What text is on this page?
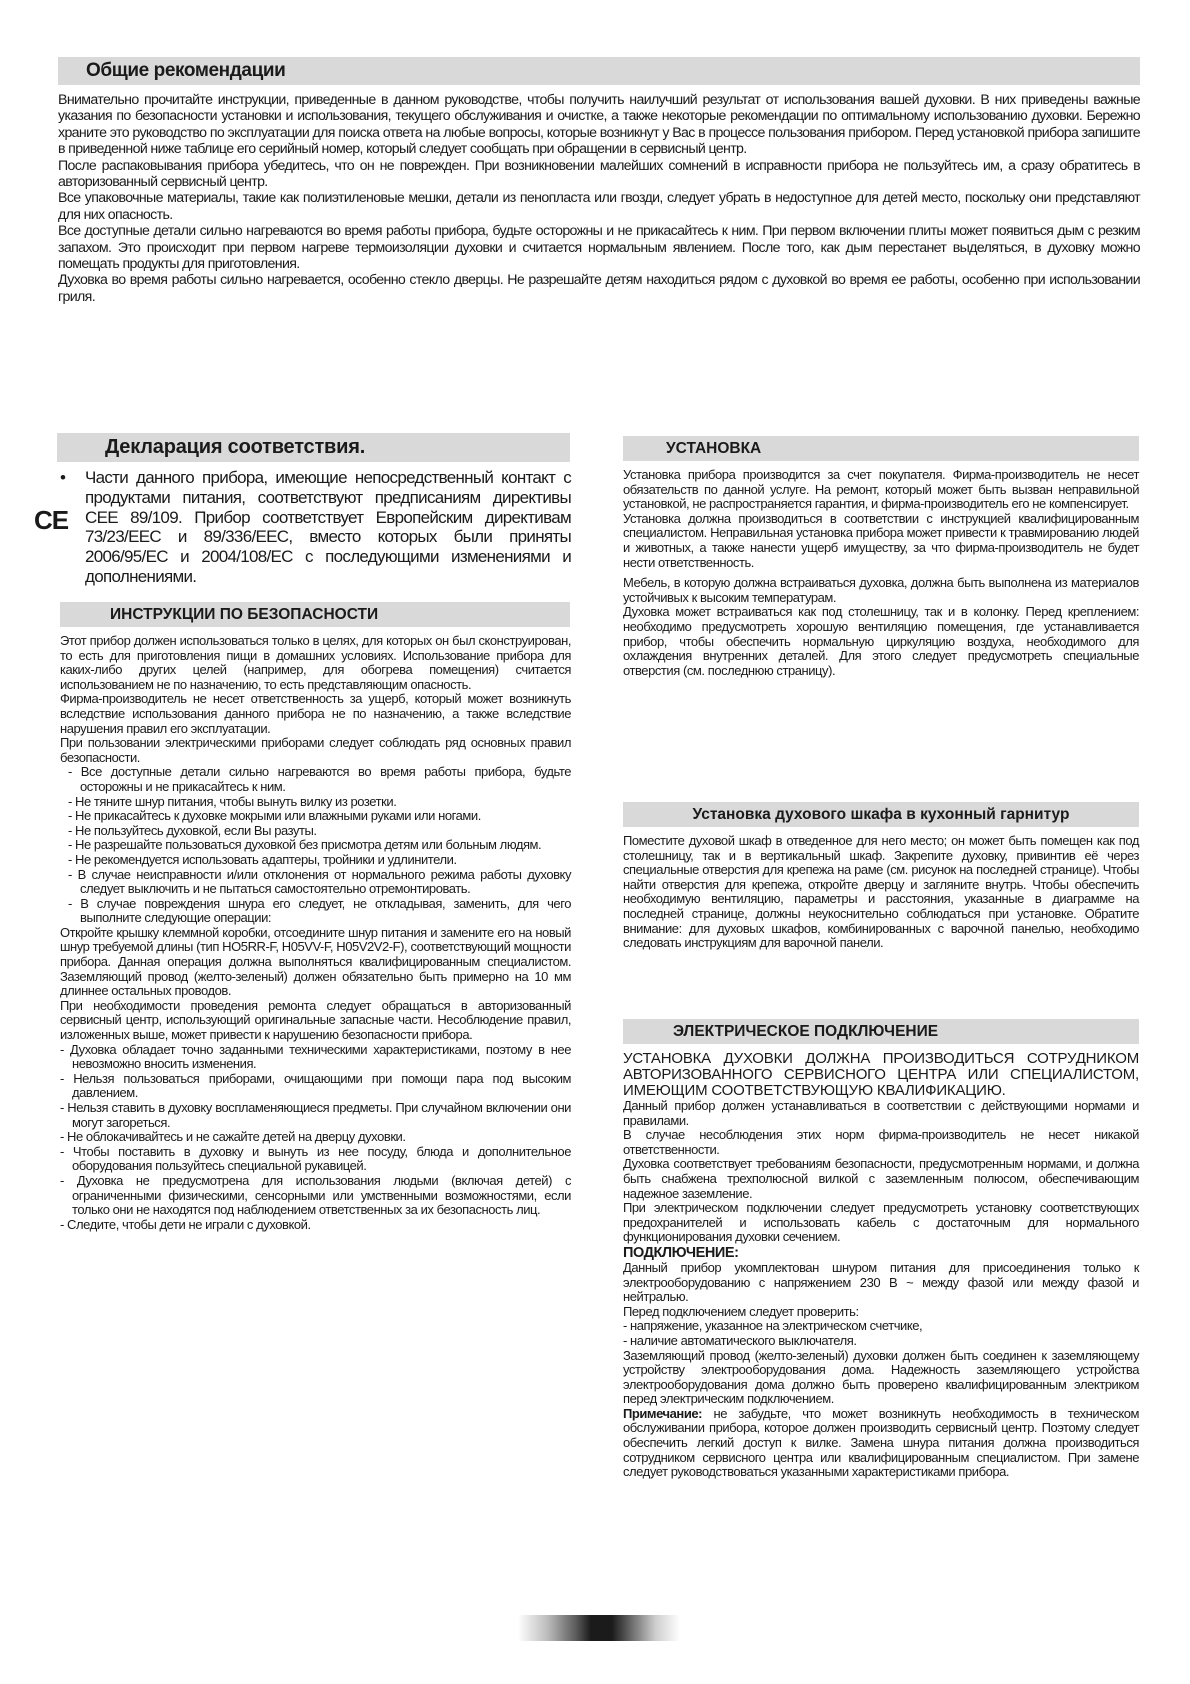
Общие рекомендации

Внимательно прочитайте инструкции, приведенные в данном руководстве, чтобы получить наилучший результат от использования вашей духовки. В них приведены важные указания по безопасности установки и использования, текущего обслуживания и очистке, а также некоторые рекомендации по оптимальному использованию духовки. Бережно храните это руководство по эксплуатации для поиска ответа на любые вопросы, которые возникнут у Вас в процессе пользования прибором. Перед установкой прибора запишите в приведенной ниже таблице его серийный номер, который следует сообщать при обращении в сервисный центр.

После распаковывания прибора убедитесь, что он не поврежден. При возникновении малейших сомнений в исправности прибора не пользуйтесь им, а сразу обратитесь в авторизованный сервисный центр.

Все упаковочные материалы, такие как полиэтиленовые мешки, детали из пенопласта или гвозди, следует убрать в недоступное для детей место, поскольку они представляют для них опасность.

Все доступные детали сильно нагреваются во время работы прибора, будьте осторожны и не прикасайтесь к ним. При первом включении плиты может появиться дым с резким запахом. Это происходит при первом нагреве термоизоляции духовки и считается нормальным явлением. После того, как дым перестанет выделяться, в духовку можно помещать продукты для приготовления.

Духовка во время работы сильно нагревается, особенно стекло дверцы. Не разрешайте детям находиться рядом с духовкой во время ее работы, особенно при использовании гриля.

Декларация соответствия.
CE
• Части данного прибора, имеющие непосредственный контакт с продуктами питания, соответствуют предписаниям директивы CEE 89/109. Прибор соответствует Европейским директивам 73/23/EEC и 89/336/EEC, вместо которых были приняты 2006/95/EC и 2004/108/EC с последующими изменениями и дополнениями.
ИНСТРУКЦИИ ПО БЕЗОПАСНОСТИ

Этот прибор должен использоваться только в целях, для которых он был сконструирован, то есть для приготовления пищи в домашних условиях. Использование прибора для каких-либо других целей (например, для обогрева помещения) считается использованием не по назначению, то есть представляющим опасность.

Фирма-производитель не несет ответственность за ущерб, который может возникнуть вследствие использования данного прибора не по назначению, а также вследствие нарушения правил его эксплуатации.

При пользовании электрическими приборами следует соблюдать ряд основных правил безопасности.

- Все доступные детали сильно нагреваются во время работы прибора, будьте осторожны и не прикасайтесь к ним.

- Не тяните шнур питания, чтобы вынуть вилку из розетки.

- Не прикасайтесь к духовке мокрыми или влажными руками или ногами.

- Не пользуйтесь духовкой, если Вы разуты.

- Не разрешайте пользоваться духовкой без присмотра детям или больным людям.

- Не рекомендуется использовать адаптеры, тройники и удлинители.

- В случае неисправности и/или отклонения от нормального режима работы духовку следует выключить и не пытаться самостоятельно отремонтировать.

- В случае повреждения шнура его следует, не откладывая, заменить, для чего выполните следующие операции:

Откройте крышку клеммной коробки, отсоедините шнур питания и замените его на новый шнур требуемой длины (тип HO5RR-F, H05VV-F, H05V2V2-F), соответствующий мощности прибора. Данная операция должна выполняться квалифицированным специалистом. Заземляющий провод (желто-зеленый) должен обязательно быть примерно на 10 мм длиннее остальных проводов.

При необходимости проведения ремонта следует обращаться в авторизованный сервисный центр, использующий оригинальные запасные части. Несоблюдение правил, изложенных выше, может привести к нарушению безопасности прибора.

- Духовка обладает точно заданными техническими характеристиками, поэтому в нее невозможно вносить изменения.

- Нельзя пользоваться приборами, очищающими при помощи пара под высоким давлением.

- Нельзя ставить в духовку воспламеняющиеся предметы. При случайном включении они могут загореться.

- Не облокачивайтесь и не сажайте детей на дверцу духовки.

- Чтобы поставить в духовку и вынуть из нее посуду, блюда и дополнительное оборудования пользуйтесь специальной рукавицей.

- Духовка не предусмотрена для использования людьми (включая детей) с ограниченными физическими, сенсорными или умственными возможностями, если только они не находятся под наблюдением ответственных за их безопасность лиц.

- Следите, чтобы дети не играли с духовкой.

УСТАНОВКА

Установка прибора производится за счет покупателя. Фирма-производитель не несет обязательств по данной услуге. На ремонт, который может быть вызван неправильной установкой, не распространяется гарантия, и фирма-производитель его не компенсирует.

Установка должна производиться в соответствии с инструкцией квалифицированным специалистом. Неправильная установка прибора может привести к травмированию людей и животных, а также нанести ущерб имуществу, за что фирма-производитель не будет нести ответственность.

Мебель, в которую должна встраиваться духовка, должна быть выполнена из материалов устойчивых к высоким температурам.

Духовка может встраиваться как под столешницу, так и в колонку. Перед креплением: необходимо предусмотреть хорошую вентиляцию помещения, где устанавливается прибор, чтобы обеспечить нормальную циркуляцию воздуха, необходимого для охлаждения внутренних деталей. Для этого следует предусмотреть специальные отверстия (см. последнюю страницу).

Установка духового шкафа в кухонный гарнитур

Поместите духовой шкаф в отведенное для него место; он может быть помещен как под столешницу, так и в вертикальный шкаф. Закрепите духовку, привинтив её через специальные отверстия для крепежа на раме (см. рисунок на последней странице). Чтобы найти отверстия для крепежа, откройте дверцу и загляните внутрь. Чтобы обеспечить необходимую вентиляцию, параметры и расстояния, указанные в диаграмме на последней странице, должны неукоснительно соблюдаться при установке. Обратите внимание: для духовых шкафов, комбинированных с варочной панелью, необходимо следовать инструкциям для варочной панели.

ЭЛЕКТРИЧЕСКОЕ ПОДКЛЮЧЕНИЕ

УСТАНОВКА ДУХОВКИ ДОЛЖНА ПРОИЗВОДИТЬСЯ СОТРУДНИКОМ АВТОРИЗОВАННОГО СЕРВИСНОГО ЦЕНТРА ИЛИ СПЕЦИАЛИСТОМ, ИМЕЮЩИМ СООТВЕТСТВУЮЩУЮ КВАЛИФИКАЦИЮ.

Данный прибор должен устанавливаться в соответствии с действующими нормами и правилами.

В случае несоблюдения этих норм фирма-производитель не несет никакой ответственности.

Духовка соответствует требованиям безопасности, предусмотренным нормами, и должна быть снабжена трехполюсной вилкой с заземленным полюсом, обеспечивающим надежное заземление.

При электрическом подключении следует предусмотреть установку соответствующих предохранителей и использовать кабель с достаточным для нормального функционирования духовки сечением.

ПОДКЛЮЧЕНИЕ:

Данный прибор укомплектован шнуром питания для присоединения только к электрооборудованию с напряжением 230 В ~ между фазой или между фазой и нейтралью.

Перед подключением следует проверить:

- напряжение, указанное на электрическом счетчике,

- наличие автоматического выключателя.

Заземляющий провод (желто-зеленый) духовки должен быть соединен к заземляющему устройству электрооборудования дома. Надежность заземляющего устройства электрооборудования дома должно быть проверено квалифицированным электриком перед электрическим подключением.

Примечание: не забудьте, что может возникнуть необходимость в техническом обслуживании прибора, которое должен производить сервисный центр. Поэтому следует обеспечить легкий доступ к вилке. Замена шнура питания должна производиться сотрудником сервисного центра или квалифицированным специалистом. При замене следует руководствоваться указанными характеристиками прибора.
